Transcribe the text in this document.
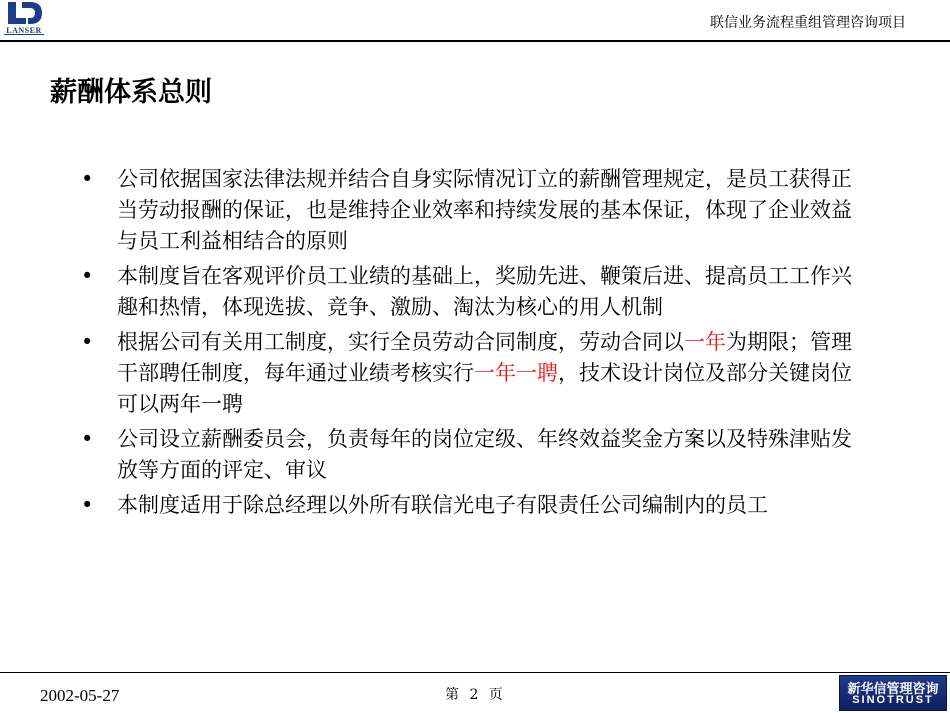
LANSER	联信业务流程重组管理咨询项目
薪酬体系总则
• 公司依据国家法律法规并结合自身实际情况订立的薪酬管理规定，是员工获得正当劳动报酬的保证，也是维持企业效率和持续发展的基本保证，体现了企业效益与员工利益相结合的原则
• 本制度旨在客观评价员工业绩的基础上，奖励先进、鞭策后进、提高员工工作兴趣和热情，体现选拔、竞争、激励、淘汰为核心的用人机制
• 根据公司有关用工制度，实行全员劳动合同制度，劳动合同以一年为期限；管理干部聘任制度，每年通过业绩考核实行一年一聘，技术设计岗位及部分关键岗位可以两年一聘
• 公司设立薪酬委员会，负责每年的岗位定级、年终效益奖金方案以及特殊津贴发放等方面的评定、审议
• 本制度适用于除总经理以外所有联信光电子有限责任公司编制内的员工
2002-05-27	第 2 页	新华信管理咨询
SINOTRUST
